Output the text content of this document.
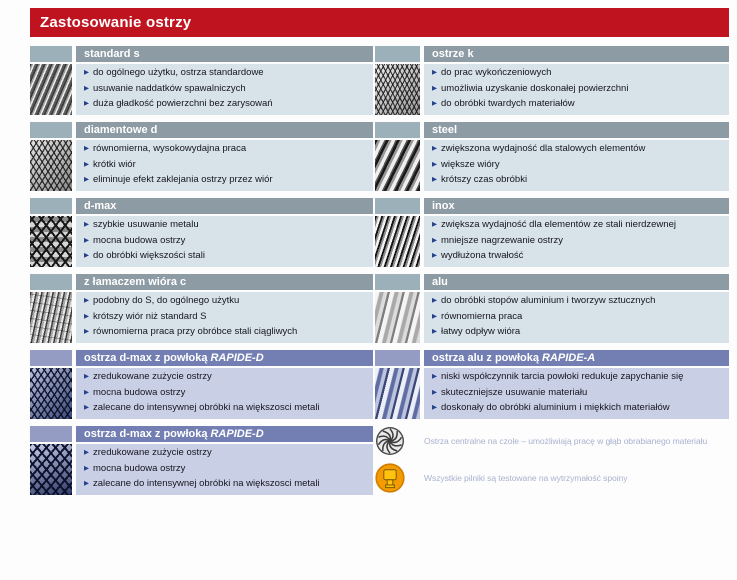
Zastosowanie ostrzy
standard s
▶ do ogólnego użytku, ostrza standardowe
▶ usuwanie naddatków spawalniczych
▶ duża gładkość powierzchni bez zarysowań
diamentowe d
▶ równomierna, wysokowydajna praca
▶ krótki wiór
▶ eliminuje efekt zaklejania ostrzy przez wiór
d-max
▶ szybkie usuwanie metalu
▶ mocna budowa ostrzy
▶ do obróbki większości stali
z łamaczem wióra c
▶ podobny do S, do ogólnego użytku
▶ krótszy wiór niż standard S
▶ równomierna praca przy obróbce stali ciągliwych
ostrza d-max z powłoką RAPIDE-D
▶ zredukowane zużycie ostrzy
▶ mocna budowa ostrzy
▶ zalecane do intensywnej obróbki na większosci metali
ostrza d-max z powłoką RAPIDE-D
▶ zredukowane zużycie ostrzy
▶ mocna budowa ostrzy
▶ zalecane do intensywnej obróbki na większosci metali
ostrze k
▶ do prac wykończeniowych
▶ umożliwia uzyskanie doskonałej powierzchni
▶ do obróbki twardych materiałów
steel
▶ zwiększona wydajność dla stalowych elementów
▶ większe wióry
▶ krótszy czas obróbki
inox
▶ zwiększa wydajność dla elementów ze stali nierdzewnej
▶ mniejsze nagrzewanie ostrzy
▶ wydłużona trwałość
alu
▶ do obróbki stopów aluminium i tworzyw sztucznych
▶ równomierna praca
▶ łatwy odpływ wióra
ostrza alu z powłoką RAPIDE-A
▶ niski współczynnik tarcia powłoki redukuje zapychanie się
▶ skuteczniejsze usuwanie materiału
▶ doskonały do obróbki aluminium i miękkich materiałów
Ostrza centralne na czole – umożliwiają pracę w głąb obrabianego materiału
Wszystkie pilniki są testowane na wytrzymałość spoiny
